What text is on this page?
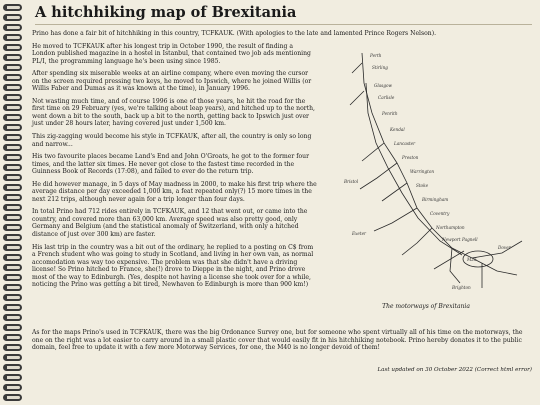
A hitchhiking map of Brexitania

Prino has done a fair bit of hitchhiking in this country, TCFKAUK. (With apologies to the late and lamented Prince Rogers Nelson).

He moved to TCFKAUK after his longest trip in October 1990, the result of finding a London published magazine in a hostel in Istanbul, that contained two job ads mentioning PL/I, the programming language he's been using since 1985.

After spending six miserable weeks at an airline company, where even moving the cursor on the screen required pressing two keys, he moved to Ipswich, where he joined Willis (or Willis Faber and Dumas as it was known at the time), in January 1996.

Not wasting much time, and of course 1996 is one of those years, he hit the road for the first time on 29 February (yes, we're talking about leap years), and hitched up to the north, went down a bit to the south, back up a bit to the north, getting back to Ipswich just over just under 28 hours later, having covered just under 1,500 km.

This zig-zagging would become his style in TCFKAUK, after all, the country is only so long and narrow...

His two favourite places became Land's End and John O'Groats, he got to the former four times, and the latter six times. He never got close to the fastest time recorded in the Guinness Book of Records (17:08), and failed to ever do the return trip.

He did however manage, in 5 days of May madness in 2000, to make his first trip where the average distance per day exceeded 1,000 km, a feat repeated only(?) 15 more times in the next 212 trips, although never again for a trip longer than four days.

In total Prino had 712 rides entirely in TCFKAUK, and 12 that went out, or came into the country, and covered more than 63,000 km. Average speed was also pretty good, only Germany and Belgium (and the statistical anomaly of Switzerland, with only a hitched distance of just over 300 km) are faster.

His last trip in the country was a bit out of the ordinary, he replied to a posting on C$ from a French student who was going to study in Scotland, and living in her own van, as normal accomodation was way too expensive. The problem was that she didn't have a driving license! So Prino hitched to France, she(!) drove to Dieppe in the night, and Prino drove most of the way to Edinburgh. (Yes, despite not having a license she took over for a while, noticing the Prino was getting a bit tired, Newhaven to Edinburgh is more than 900 km!)

Perth
Stirling
Glasgow
Carlisle
Penrith
Kendal
Lancaster
Preston
Warrington
Stoke
Birmingham
Coventry
Northampton
Newport Pagnell
M25
Dover
Brighton
Bristol
Exeter
The motorways of Brexitania

As for the maps Prino's used in TCFKAUK, there was the big Ordonance Survey one, but for someone who spent virtually all of his time on the motorways, the one on the right was a lot easier to carry around in a small plastic cover that would easily fit in his hitchhiking notebook. Prino hereby donates it to the public domain, feel free to update it with a few more Motorway Services, for one, the M40 is no longer devoid of them!

Last updated on 30 October 2022 (Correct html error)
